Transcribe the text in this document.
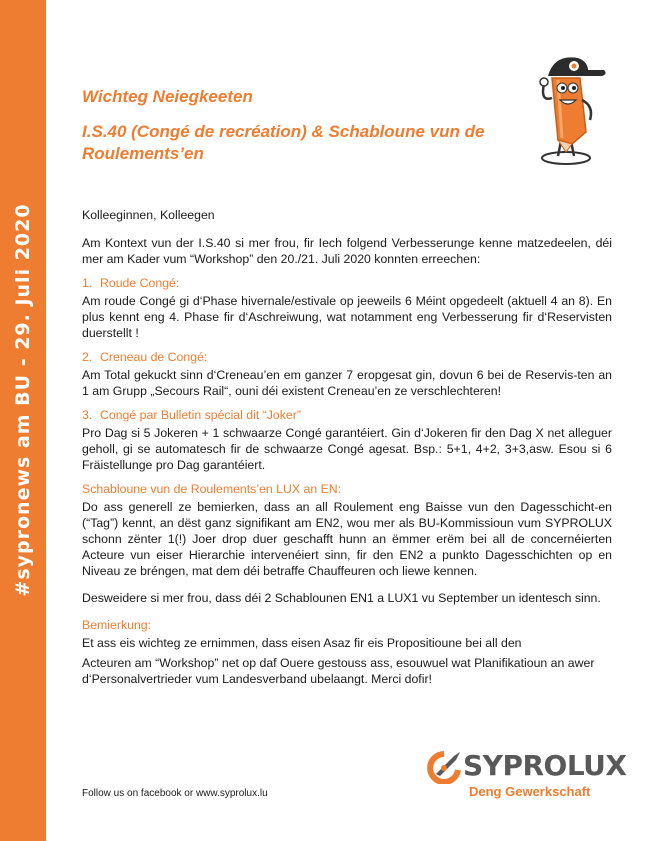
#sypronews am BU - 29. Juli 2020
Wichteg Neiegkeeten
I.S.40 (Congé de recréation) & Schabloune vun de Roulements’en

Kolleeginnen, Kolleegen

Am Kontext vun der I.S.40 si mer frou, fir Iech folgend Verbesserunge kenne matzedeelen, déi mer am Kader vum “Workshop” den 20./21. Juli 2020 konnten erreechen:

1. Roude Congé:

Am roude Congé gi d‘Phase hivernale/estivale op jeeweils 6 Méint opgedeelt (aktuell 4 an 8). En plus kennt eng 4. Phase fir d‘Aschreiwung, wat notamment eng Verbesserung fir d‘Reservisten duerstellt !

2. Creneau de Congé:

Am Total gekuckt sinn d‘Creneau’en em ganzer 7 eropgesat gin, dovun 6 bei de Reservis-ten an 1 am Grupp „Secours Rail“, ouni déi existent Creneau’en ze verschlechteren!

3. Congé par Bulletin spécial dit “Joker”

Pro Dag si 5 Jokeren + 1 schwaarze Congé garantéiert. Gin d‘Jokeren fir den Dag X net alleguer geholl, gi se automatesch fir de schwaarze Congé agesat. Bsp.: 5+1, 4+2, 3+3,asw. Esou si 6 Fräistellunge pro Dag garantéiert.

Schabloune vun de Roulements’en LUX an EN:

Do ass generell ze bemierken, dass an all Roulement eng Baisse vun den Dagesschicht-en (“Tag”) kennt, an dëst ganz signifikant am EN2, wou mer als BU-Kommissioun vum SYPROLUX schonn zënter 1(!) Joer drop duer geschafft hunn an ëmmer erëm bei all de concernéierten Acteure vun eiser Hierarchie intervenéiert sinn, fir den EN2 a punkto Dagesschichten op en Niveau ze bréngen, mat dem déi betraffe Chauffeuren och liewe kennen.

Desweidere si mer frou, dass déi 2 Schablounen EN1 a LUX1 vu September un identesch sinn.

Bemierkung:

Et ass eis wichteg ze ernimmen, dass eisen Asaz fir eis Propositioune bei all den

Acteuren am “Workshop” net op daf Ouere gestouss ass, esouwuel wat Planifikatioun an awer d‘Personalvertrieder vum Landesverband ubelaangt. Merci dofir!

Follow us on facebook or www.syprolux.lu
SYPROLUX
Deng Gewerkschaft
